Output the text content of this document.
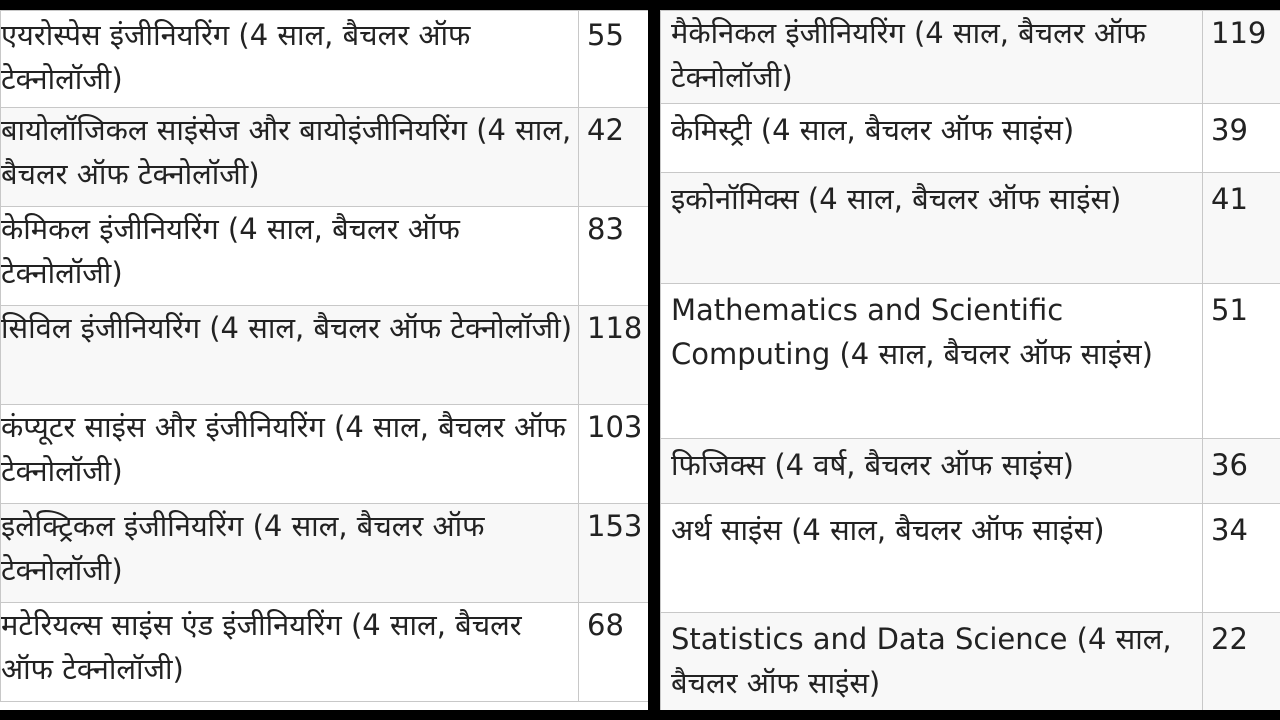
एयरोस्पेस इंजीनियरिंग (4 साल, बैचलर ऑफ टेक्नोलॉजी)	55
बायोलॉजिकल साइंसेज और बायोइंजीनियरिंग (4 साल, बैचलर ऑफ टेक्नोलॉजी)	42
केमिकल इंजीनियरिंग (4 साल, बैचलर ऑफ टेक्नोलॉजी)	83
सिविल इंजीनियरिंग (4 साल, बैचलर ऑफ टेक्नोलॉजी)	118
कंप्यूटर साइंस और इंजीनियरिंग (4 साल, बैचलर ऑफ टेक्नोलॉजी)	103
इलेक्ट्रिकल इंजीनियरिंग (4 साल, बैचलर ऑफ टेक्नोलॉजी)	153
मटेरियल्स साइंस एंड इंजीनियरिंग (4 साल, बैचलर ऑफ टेक्नोलॉजी)	68
मैकेनिकल इंजीनियरिंग (4 साल, बैचलर ऑफ टेक्नोलॉजी)	119
केमिस्ट्री (4 साल, बैचलर ऑफ साइंस)	39
इकोनॉमिक्स (4 साल, बैचलर ऑफ साइंस)	41
Mathematics and Scientific Computing (4 साल, बैचलर ऑफ साइंस)	51
फिजिक्स (4 वर्ष, बैचलर ऑफ साइंस)	36
अर्थ साइंस (4 साल, बैचलर ऑफ साइंस)	34
Statistics and Data Science (4 साल, बैचलर ऑफ साइंस)	22
